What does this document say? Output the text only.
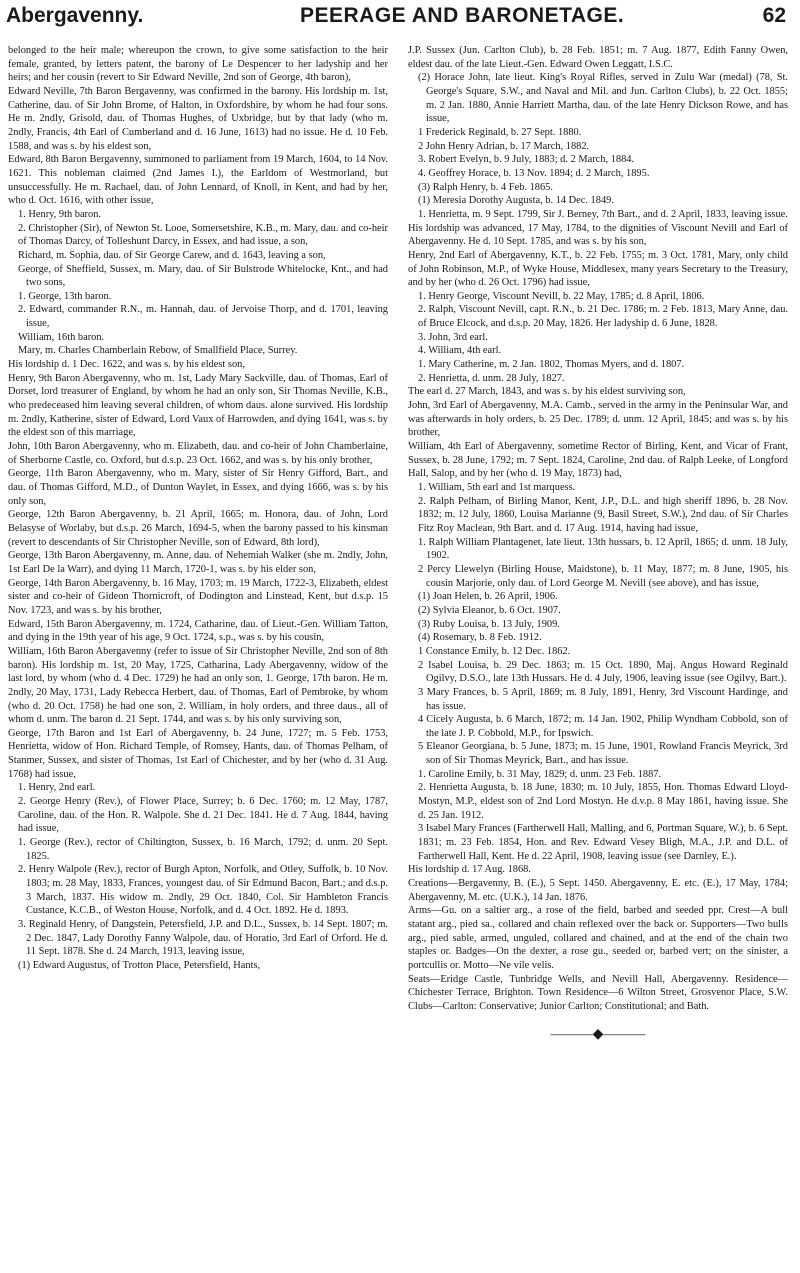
Abergavenny.	PEERAGE AND BARONETAGE.	62

belonged to the heir male; whereupon the crown, to give some satisfaction to the heir female, granted, by letters patent, the barony of Le Despencer to her ladyship and her heirs; and her cousin (revert to Sir Edward Neville, 2nd son of George, 4th baron),

Edward Neville, 7th Baron Bergavenny, was confirmed in the barony. His lordship m. 1st, Catherine, dau. of Sir John Brome, of Halton, in Oxfordshire, by whom he had four sons. He m. 2ndly, Grisold, dau. of Thomas Hughes, of Uxbridge, but by that lady (who m. 2ndly, Francis, 4th Earl of Cumberland and d. 16 June, 1613) had no issue. He d. 10 Feb. 1588, and was s. by his eldest son,

Edward, 8th Baron Bergavenny, summoned to parliament from 19 March, 1604, to 14 Nov. 1621. This nobleman claimed (2nd James I.), the Earldom of Westmorland, but unsuccessfully. He m. Rachael, dau. of John Lennard, of Knoll, in Kent, and had by her, who d. Oct. 1616, with other issue,

1. Henry, 9th baron.

2. Christopher (Sir), of Newton St. Looe, Somersetshire, K.B., m. Mary, dau. and co-heir of Thomas Darcy, of Tolleshunt Darcy, in Essex, and had issue, a son,

Richard, m. Sophia, dau. of Sir George Carew, and d. 1643, leaving a son,

George, of Sheffield, Sussex, m. Mary, dau. of Sir Bulstrode Whitelocke, Knt., and had two sons,

1. George, 13th baron.

2. Edward, commander R.N., m. Hannah, dau. of Jervoise Thorp, and d. 1701, leaving issue,

William, 16th baron.

Mary, m. Charles Chamberlain Rebow, of Smallfield Place, Surrey.

His lordship d. 1 Dec. 1622, and was s. by his eldest son,

Henry, 9th Baron Abergavenny, who m. 1st, Lady Mary Sackville, dau. of Thomas, Earl of Dorset, lord treasurer of England, by whom he had an only son, Sir Thomas Neville, K.B., who predeceased him leaving several children, of whom daus. alone survived. His lordship m. 2ndly, Katherine, sister of Edward, Lord Vaux of Harrowden, and dying 1641, was s. by the eldest son of this marriage,

John, 10th Baron Abergavenny, who m. Elizabeth, dau. and co-heir of John Chamberlaine, of Sherborne Castle, co. Oxford, but d.s.p. 23 Oct. 1662, and was s. by his only brother,

George, 11th Baron Abergavenny, who m. Mary, sister of Sir Henry Gifford, Bart., and dau. of Thomas Gifford, M.D., of Dunton Waylet, in Essex, and dying 1666, was s. by his only son,

George, 12th Baron Abergavenny, b. 21 April, 1665; m. Honora, dau. of John, Lord Belasyse of Worlaby, but d.s.p. 26 March, 1694-5, when the barony passed to his kinsman (revert to descendants of Sir Christopher Neville, son of Edward, 8th lord),

George, 13th Baron Abergavenny, m. Anne, dau. of Nehemiah Walker (she m. 2ndly, John, 1st Earl De la Warr), and dying 11 March, 1720-1, was s. by his elder son,

George, 14th Baron Abergavenny, b. 16 May, 1703; m. 19 March, 1722-3, Elizabeth, eldest sister and co-heir of Gideon Thornicroft, of Dodington and Linstead, Kent, but d.s.p. 15 Nov. 1723, and was s. by his brother,

Edward, 15th Baron Abergavenny, m. 1724, Catharine, dau. of Lieut.-Gen. William Tatton, and dying in the 19th year of his age, 9 Oct. 1724, s.p., was s. by his cousin,

William, 16th Baron Abergavenny (refer to issue of Sir Christopher Neville, 2nd son of 8th baron). His lordship m. 1st, 20 May, 1725, Catharina, Lady Abergavenny, widow of the last lord, by whom (who d. 4 Dec. 1729) he had an only son, 1. George, 17th baron. He m. 2ndly, 20 May, 1731, Lady Rebecca Herbert, dau. of Thomas, Earl of Pembroke, by whom (who d. 20 Oct. 1758) he had one son, 2. William, in holy orders, and three daus., all of whom d. unm. The baron d. 21 Sept. 1744, and was s. by his only surviving son,

George, 17th Baron and 1st Earl of Abergavenny, b. 24 June, 1727; m. 5 Feb. 1753, Henrietta, widow of Hon. Richard Temple, of Romsey, Hants, dau. of Thomas Pelham, of Stanmer, Sussex, and sister of Thomas, 1st Earl of Chichester, and by her (who d. 31 Aug. 1768) had issue,

1. Henry, 2nd earl.

2. George Henry (Rev.), of Flower Place, Surrey; b. 6 Dec. 1760; m. 12 May, 1787, Caroline, dau. of the Hon. R. Walpole. She d. 21 Dec. 1841. He d. 7 Aug. 1844, having had issue,

1. George (Rev.), rector of Chiltington, Sussex, b. 16 March, 1792; d. unm. 20 Sept. 1825.

2. Henry Walpole (Rev.), rector of Burgh Apton, Norfolk, and Otley, Suffolk, b. 10 Nov. 1803; m. 28 May, 1833, Frances, youngest dau. of Sir Edmund Bacon, Bart.; and d.s.p. 3 March, 1837. His widow m. 2ndly, 29 Oct. 1840, Col. Sir Hambleton Francis Custance, K.C.B., of Weston House, Norfolk, and d. 4 Oct. 1892. He d. 1893.

3. Reginald Henry, of Dangstein, Petersfield, J.P. and D.L., Sussex, b. 14 Sept. 1807; m. 2 Dec. 1847, Lady Dorothy Fanny Walpole, dau. of Horatio, 3rd Earl of Orford. He d. 11 Sept. 1878. She d. 24 March, 1913, leaving issue,

(1) Edward Augustus, of Trotton Place, Petersfield, Hants,

J.P. Sussex (Jun. Carlton Club), b. 28 Feb. 1851; m. 7 Aug. 1877, Edith Fanny Owen, eldest dau. of the late Lieut.-Gen. Edward Owen Leggatt, I.S.C.

(2) Horace John, late lieut. King's Royal Rifles, served in Zulu War (medal) (78, St. George's Square, S.W., and Naval and Mil. and Jun. Carlton Clubs), b. 22 Oct. 1855; m. 2 Jan. 1880, Annie Harriett Martha, dau. of the late Henry Dickson Rowe, and has issue,

1 Frederick Reginald, b. 27 Sept. 1880.

2 John Henry Adrian, b. 17 March, 1882.

3. Robert Evelyn, b. 9 July, 1883; d. 2 March, 1884.

4. Geoffrey Horace, b. 13 Nov. 1894; d. 2 March, 1895.

(3) Ralph Henry, b. 4 Feb. 1865.

(1) Meresia Dorothy Augusta, b. 14 Dec. 1849.

1. Henrietta, m. 9 Sept. 1799, Sir J. Berney, 7th Bart., and d. 2 April, 1833, leaving issue.

His lordship was advanced, 17 May, 1784, to the dignities of Viscount Nevill and Earl of Abergavenny. He d. 10 Sept. 1785, and was s. by his son,

Henry, 2nd Earl of Abergavenny, K.T., b. 22 Feb. 1755; m. 3 Oct. 1781, Mary, only child of John Robinson, M.P., of Wyke House, Middlesex, many years Secretary to the Treasury, and by her (who d. 26 Oct. 1796) had issue,

1. Henry George, Viscount Nevill, b. 22 May, 1785; d. 8 April, 1806.

2. Ralph, Viscount Nevill, capt. R.N., b. 21 Dec. 1786; m. 2 Feb. 1813, Mary Anne, dau. of Bruce Elcock, and d.s.p. 20 May, 1826. Her ladyship d. 6 June, 1828.

3. John, 3rd earl.

4. William, 4th earl.

1. Mary Catherine, m. 2 Jan. 1802, Thomas Myers, and d. 1807.

2. Henrietta, d. unm. 28 July, 1827.

The earl d. 27 March, 1843, and was s. by his eldest surviving son,

John, 3rd Earl of Abergavenny, M.A. Camb., served in the army in the Peninsular War, and was afterwards in holy orders, b. 25 Dec. 1789; d. unm. 12 April, 1845; and was s. by his brother,

William, 4th Earl of Abergavenny, sometime Rector of Birling, Kent, and Vicar of Frant, Sussex, b. 28 June, 1792; m. 7 Sept. 1824, Caroline, 2nd dau. of Ralph Leeke, of Longford Hall, Salop, and by her (who d. 19 May, 1873) had,

1. William, 5th earl and 1st marquess.

2. Ralph Pelham, of Birling Manor, Kent, J.P., D.L. and high sheriff 1896, b. 28 Nov. 1832; m. 12 July, 1860, Louisa Marianne (9, Basil Street, S.W.), 2nd dau. of Sir Charles Fitz Roy Maclean, 9th Bart. and d. 17 Aug. 1914, having had issue,

1. Ralph William Plantagenet, late lieut. 13th hussars, b. 12 April, 1865; d. unm. 18 July, 1902.

2 Percy Llewelyn (Birling House, Maidstone), b. 11 May, 1877; m. 8 June, 1905, his cousin Marjorie, only dau. of Lord George M. Nevill (see above), and has issue,

(1) Joan Helen, b. 26 April, 1906.

(2) Sylvia Eleanor, b. 6 Oct. 1907.

(3) Ruby Louisa, b. 13 July, 1909.

(4) Rosemary, b. 8 Feb. 1912.

1 Constance Emily, b. 12 Dec. 1862.

2 Isabel Louisa, b. 29 Dec. 1863; m. 15 Oct. 1890, Maj. Angus Howard Reginald Ogilvy, D.S.O., late 13th Hussars. He d. 4 July, 1906, leaving issue (see Ogilvy, Bart.).

3 Mary Frances, b. 5 April, 1869; m. 8 July, 1891, Henry, 3rd Viscount Hardinge, and has issue.

4 Cicely Augusta, b. 6 March, 1872; m. 14 Jan. 1902, Philip Wyndham Cobbold, son of the late J. P. Cobbold, M.P., for Ipswich.

5 Eleanor Georgiana, b. 5 June, 1873; m. 15 June, 1901, Rowland Francis Meyrick, 3rd son of Sir Thomas Meyrick, Bart., and has issue.

1. Caroline Emily, b. 31 May, 1829; d. unm. 23 Feb. 1887.

2. Henrietta Augusta, b. 18 June, 1830; m. 10 July, 1855, Hon. Thomas Edward Lloyd-Mostyn, M.P., eldest son of 2nd Lord Mostyn. He d.v.p. 8 May 1861, having issue. She d. 25 Jan. 1912.

3 Isabel Mary Frances (Fartherwell Hall, Malling, and 6, Portman Square, W.), b. 6 Sept. 1831; m. 23 Feb. 1854, Hon. and Rev. Edward Vesey Bligh, M.A., J.P. and D.L. of Fartherwell Hall, Kent. He d. 22 April, 1908, leaving issue (see Darnley, E.).

His lordship d. 17 Aug. 1868.

Creations—Bergavenny, B. (E.), 5 Sept. 1450. Abergavenny, E. etc. (E.), 17 May, 1784; Abergavenny, M. etc. (U.K.), 14 Jan. 1876.

Arms—Gu. on a saltier arg., a rose of the field, barbed and seeded ppr. Crest—A bull statant arg., pied sa., collared and chain reflexed over the back or. Supporters—Two bulls arg., pied sable, armed, unguled, collared and chained, and at the end of the chain two staples or. Badges—On the dexter, a rose gu., seeded or, barbed vert; on the sinister, a portcullis or. Motto—Ne vile velis.

Seats—Eridge Castle, Tunbridge Wells, and Nevill Hall, Abergavenny. Residence—Chichester Terrace, Brighton. Town Residence—6 Wilton Street, Grosvenor Place, S.W. Clubs—Carlton: Conservative; Junior Carlton; Constitutional; and Bath.

———◆———
